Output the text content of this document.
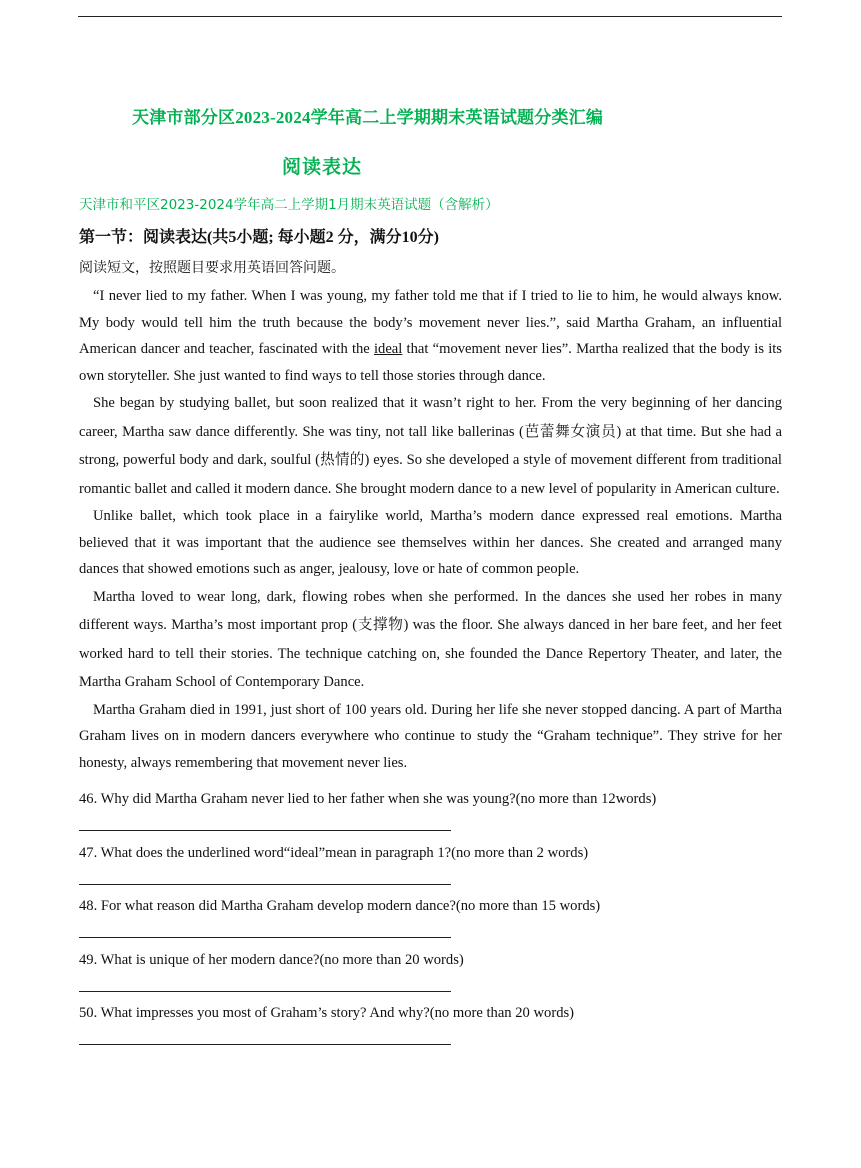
天津市部分区2023-2024学年高二上学期期末英语试题分类汇编
阅读表达
天津市和平区2023-2024学年高二上学期1月期末英语试题（含解析）
第一节：阅读表达(共5小题; 每小题2 分，满分10分)
阅读短文，按照题目要求用英语回答问题。

“I never lied to my father. When I was young, my father told me that if I tried to lie to him, he would always know. My body would tell him the truth because the body’s movement never lies.”, said Martha Graham, an influential American dancer and teacher, fascinated with the ideal that “movement never lies”. Martha realized that the body is its own storyteller. She just wanted to find ways to tell those stories through dance.

She began by studying ballet, but soon realized that it wasn’t right to her. From the very beginning of her dancing career, Martha saw dance differently. She was tiny, not tall like ballerinas (芭蕾舞女演员) at that time. But she had a strong, powerful body and dark, soulful (热情的) eyes. So she developed a style of movement different from traditional romantic ballet and called it modern dance. She brought modern dance to a new level of popularity in American culture.

Unlike ballet, which took place in a fairylike world, Martha’s modern dance expressed real emotions. Martha believed that it was important that the audience see themselves within her dances. She created and arranged many dances that showed emotions such as anger, jealousy, love or hate of common people.

Martha loved to wear long, dark, flowing robes when she performed. In the dances she used her robes in many different ways. Martha’s most important prop (支撑物) was the floor. She always danced in her bare feet, and her feet worked hard to tell their stories. The technique catching on, she founded the Dance Repertory Theater, and later, the Martha Graham School of Contemporary Dance.

Martha Graham died in 1991, just short of 100 years old. During her life she never stopped dancing. A part of Martha Graham lives on in modern dancers everywhere who continue to study the “Graham technique”. They strive for her honesty, always remembering that movement never lies.

46. Why did Martha Graham never lied to her father when she was young?(no more than 12words)
47. What does the underlined word“ideal”mean in paragraph 1?(no more than 2 words)
48. For what reason did Martha Graham develop modern dance?(no more than 15 words)
49. What is unique of her modern dance?(no more than 20 words)
50. What impresses you most of Graham’s story? And why?(no more than 20 words)
